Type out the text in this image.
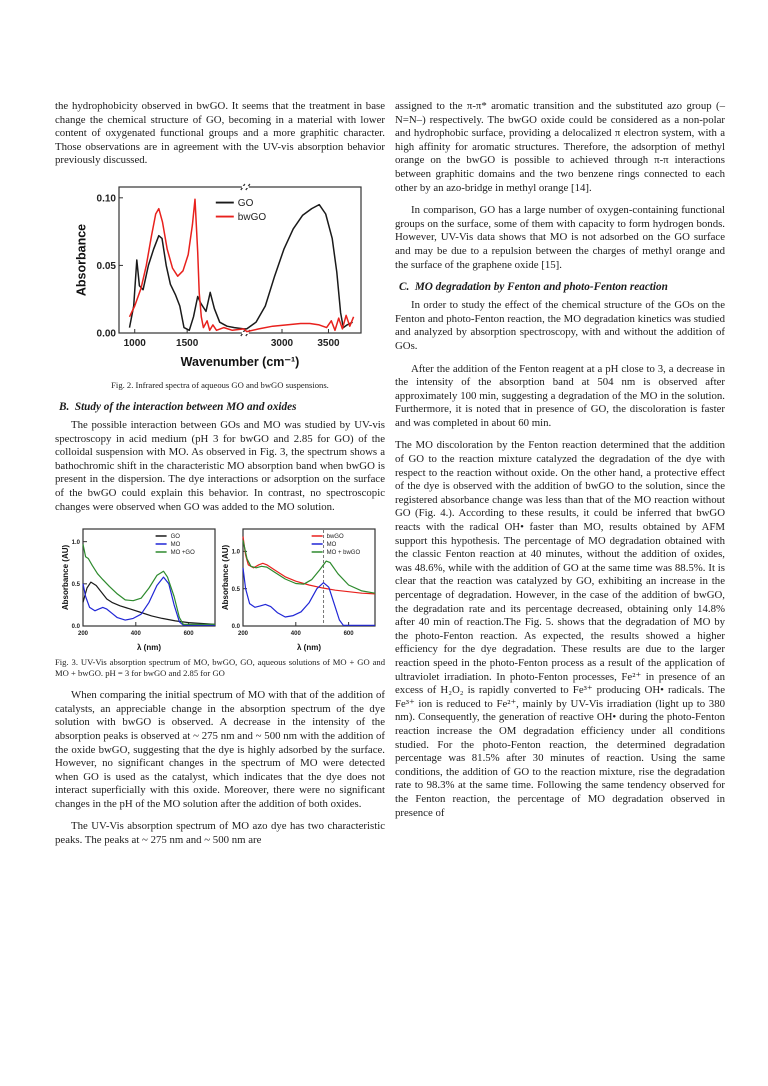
the hydrophobicity observed in bwGO. It seems that the treatment in base change the chemical structure of GO, becoming in a material with lower content of oxygenated functional groups and a more graphitic character. Those observations are in agreement with the UV-vis absorption behavior previously discussed.

1000	1500	3000 3500
0.00
0.05
0.10	GO
bwGO
Wavenumber (cm⁻¹)
Absorbance

Fig. 2. Infrared spectra of aqueous GO and bwGO suspensions.

B.  Study of the interaction between MO and oxides

The possible interaction between GOs and MO was studied by UV-vis spectroscopy in acid medium (pH 3 for bwGO and 2.85 for GO) of the colloidal suspension with MO. As observed in Fig. 3, the spectrum shows a bathochromic shift in the characteristic MO absorption band when bwGO is present in the dispersion. The dye interactions or adsorption on the surface of the bwGO could explain this behavior. In contrast, no spectroscopic changes were observed when GO was added to the MO solution.

200	400	600
0.0
0.5
1.0
GO
MO
MO +GO
λ (nm)
Absorbance (AU)
200	400	600
0.0
0.5
1.0
bwGO
MO
MO + bwGO
λ (nm)
Absorbance (AU)

Fig. 3. UV-Vis absorption spectrum of MO, bwGO, GO, aqueous solutions of MO + GO and MO + bwGO. pH = 3 for bwGO and 2.85 for GO

When comparing the initial spectrum of MO with that of the addition of catalysts, an appreciable change in the absorption spectrum of the dye solution with bwGO is observed. A decrease in the intensity of the absorption peaks is observed at ~ 275 nm and ~ 500 nm with the addition of the oxide bwGO, suggesting that the dye is highly adsorbed by the surface. However, no significant changes in the spectrum of MO were detected when GO is used as the catalyst, which indicates that the dye does not interact superficially with this oxide. Moreover, there were no significant changes in the pH of the MO solution after the addition of both oxides.

The UV-Vis absorption spectrum of MO azo dye has two characteristic peaks. The peaks at ~ 275 nm and ~ 500 nm are

assigned to the π-π* aromatic transition and the substituted azo group (– N=N–) respectively. The bwGO oxide could be considered as a non-polar and hydrophobic surface, providing a delocalized π electron system, with a high affinity for aromatic structures. Therefore, the adsorption of methyl orange on the bwGO is possible to achieved through π-π interactions between graphitic domains and the two benzene rings connected to each other by an azo-bridge in methyl orange [14].

In comparison, GO has a large number of oxygen-containing functional groups on the surface, some of them with capacity to form hydrogen bonds. However, UV-Vis data shows that MO is not adsorbed on the GO surface and may be due to a repulsion between the charges of methyl orange and the surface of the graphene oxide [15].

C.  MO degradation by Fenton and photo-Fenton reaction

In order to study the effect of the chemical structure of the GOs on the Fenton and photo-Fenton reaction, the MO degradation kinetics was studied and analyzed by absorption spectroscopy, with and without the addition of GOs.

After the addition of the Fenton reagent at a pH close to 3, a decrease in the intensity of the absorption band at 504 nm is observed after approximately 100 min, suggesting a degradation of the MO in the solution. Furthermore, it is noted that in presence of GO, the discoloration is faster and was completed in about 60 min.

The MO discoloration by the Fenton reaction determined that the addition of GO to the reaction mixture catalyzed the degradation of the dye with respect to the reaction without oxide. On the other hand, a protective effect of the dye is observed with the addition of bwGO to the solution, since the registered absorbance change was less than that of the MO reaction without GO (Fig. 4.). According to these results, it could be inferred that bwGO reacts with the radical OH• faster than MO, results obtained by AFM support this hypothesis. The percentage of MO degradation obtained with the classic Fenton reaction at 40 minutes, without the addition of oxides, was 48.6%, while with the addition of GO at the same time was 88.5%. It is clear that the reaction was catalyzed by GO, exhibiting an increase in the percentage of degradation. However, in the case of the addition of bwGO, the degradation rate and its percentage decreased, obtaining only 14.8% after 40 min of reaction.The Fig. 5. shows that the degradation of MO by the photo-Fenton reaction. As expected, the results showed a higher efficiency for the dye degradation. These results are due to the larger reaction speed in the photo-Fenton process as a result of the application of ultraviolet irradiation. In photo-Fenton processes, Fe²⁺ in presence of an excess of H₂O₂ is rapidly converted to Fe³⁺ producing OH• radicals. The Fe³⁺ ion is reduced to Fe²⁺, mainly by UV-Vis irradiation (light up to 380 nm). Consequently, the generation of reactive OH• during the photo-Fenton reaction increase the OM degradation efficiency under all conditions studied. For the photo-Fenton reaction, the determined degradation percentage was 81.5% after 30 minutes of reaction. Using the same conditions, the addition of GO to the reaction mixture, rise the degradation rate to 98.3% at the same time. Following the same tendency observed for the Fenton reaction, the percentage of MO degradation observed in presence of
